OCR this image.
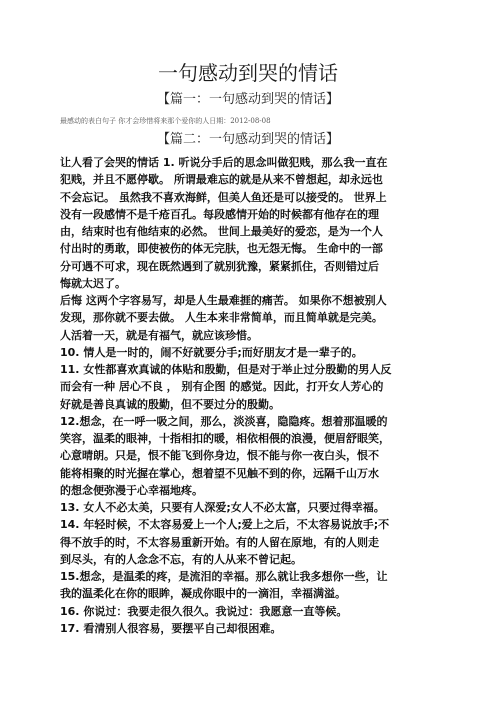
一句感动到哭的情话
【篇一：一句感动到哭的情话】
最感动的表白句子 你才会珍惜将来那个爱你的人日期：2012-08-08
【篇二：一句感动到哭的情话】
让人看了会哭的情话 1. 听说分手后的思念叫做犯贱，那么我一直在
犯贱，并且不愿停歇。 所谓最难忘的就是从来不曾想起，却永远也
不会忘记。 虽然我不喜欢海鲜，但美人鱼还是可以接受的。 世界上
没有一段感情不是千疮百孔。每段感情开始的时候都有他存在的理
由，结束时也有他结束的必然。 世间上最美好的爱恋，是为一个人
付出时的勇敢，即使被伤的体无完肤，也无怨无悔。 生命中的一部
分可遇不可求，现在既然遇到了就别犹豫，紧紧抓住，否则错过后
悔就太迟了。
后悔 这两个字容易写，却是人生最难捱的痛苦。 如果你不想被别人
发现，那你就不要去做。 人生本来非常简单，而且简单就是完美。
人活着一天，就是有福气，就应该珍惜。
10. 情人是一时的，闹不好就要分手;而好朋友才是一辈子的。
11. 女性都喜欢真诚的体贴和殷勤，但是对于举止过分殷勤的男人反
而会有一种 居心不良 ， 别有企图 的感觉。因此，打开女人芳心的
好就是善良真诚的殷勤，但不要过分的殷勤。
12.想念，在一呼一吸之间，那么，淡淡喜，隐隐疼。想着那温暖的
笑容，温柔的眼神，十指相扣的暖，相依相偎的浪漫，便眉舒眼笑，
心意晴朗。只是，恨不能飞到你身边，恨不能与你一夜白头，恨不
能将相聚的时光握在掌心，想着望不见触不到的你，远隔千山万水
的想念便弥漫于心幸福地疼。
13. 女人不必太美，只要有人深爱;女人不必太富，只要过得幸福。
14. 年轻时候，不太容易爱上一个人;爱上之后，不太容易说放手;不
得不放手的时，不太容易重新开始。有的人留在原地，有的人则走
到尽头，有的人念念不忘，有的人从来不曾记起。
15.想念，是温柔的疼，是流泪的幸福。那么就让我多想你一些，让
我的温柔化在你的眼眸，凝成你眼中的一滴泪，幸福满溢。
16. 你说过：我要走很久很久。我说过：我愿意一直等候。
17. 看清别人很容易，要摆平自己却很困难。
